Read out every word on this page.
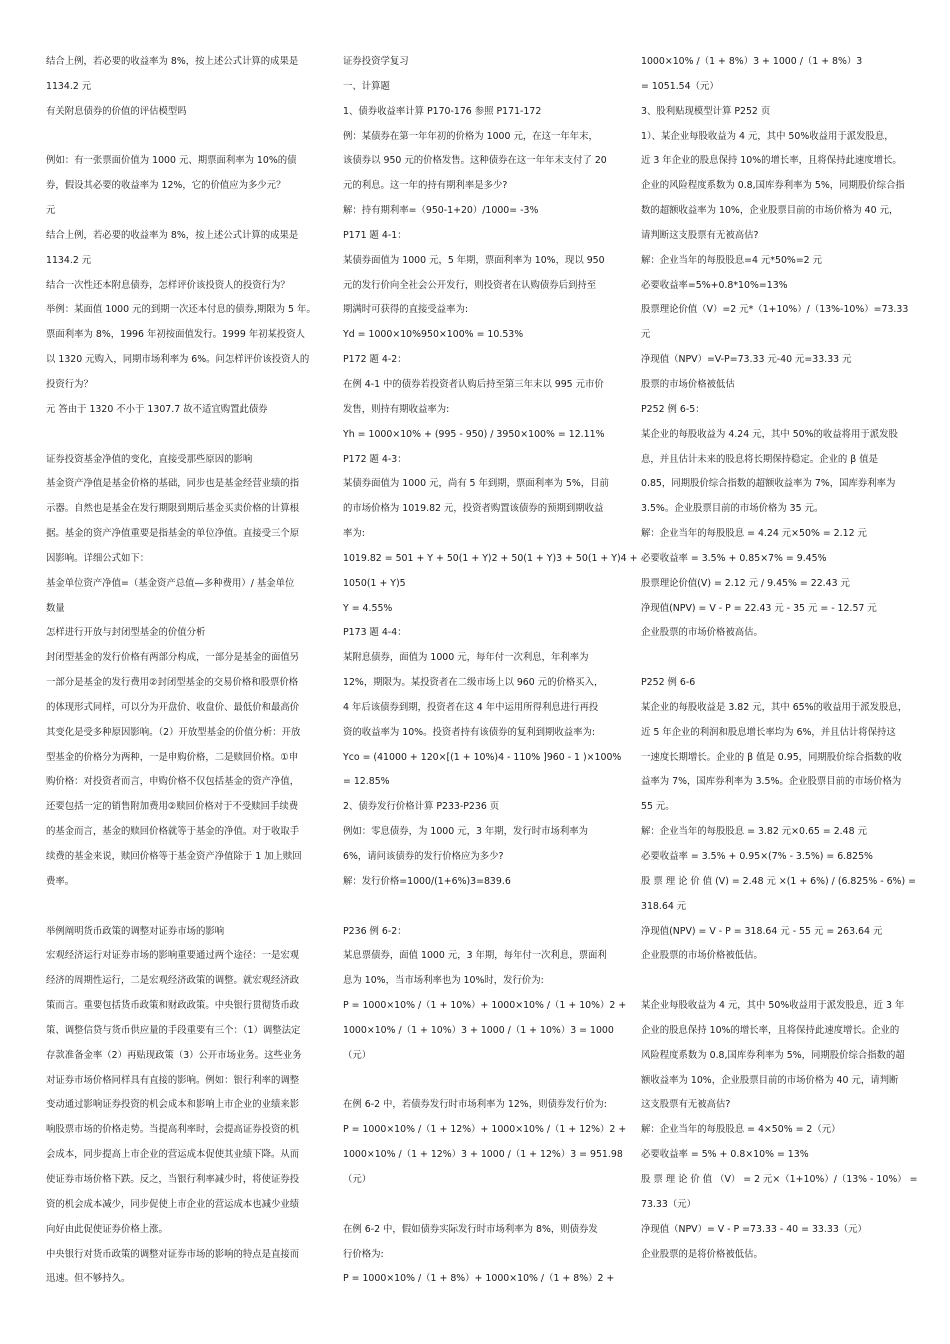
结合上例，若必要的收益率为 8%，按上述公式计算的成果是
1134.2 元
有关附息债券的价值的评估模型吗
例如：有一张票面价值为 1000 元、期票面利率为 10%的债
券，假设其必要的收益率为 12%，它的价值应为多少元？
元
结合上例，若必要的收益率为 8%，按上述公式计算的成果是
1134.2 元
结合一次性还本附息债券，怎样评价该投资人的投资行为？
举例：某面值 1000 元的到期一次还本付息的债券,期限为 5 年。
票面利率为 8%，1996 年初按面值发行。1999 年初某投资人
以 1320 元购入，同期市场利率为 6%。问怎样评价该投资人的
投资行为？
元 答由于 1320 不小于 1307.7 故不适宜购置此债券
证券投资基金净值的变化，直接受那些原因的影响
基金资产净值是基金价格的基础，同步也是基金经营业绩的指
示器。自然也是基金在发行期限到期后基金买卖价格的计算根
据。基金的资产净值重要是指基金的单位净值。直接受三个原
因影响。详细公式如下：
基金单位资产净值=（基金资产总值—多种费用）/ 基金单位
数量
怎样进行开放与封闭型基金的价值分析
封闭型基金的发行价格有两部分构成，一部分是基金的面值另
一部分是基金的发行费用②封闭型基金的交易价格和股票价格
的体现形式同样，可以分为开盘价、收盘价、最低价和最高价
其变化是受多种原因影响。（2）开放型基金的价值分析：开放
型基金的价格分为两种，一是申购价格，二是赎回价格。①申
购价格：对投资者而言，申购价格不仅包括基金的资产净值，
还要包括一定的销售附加费用②赎回价格对于不受赎回手续费
的基金而言，基金的赎回价格就等于基金的净值。对于收取手
续费的基金来说，赎回价格等于基金资产净值除于 1 加上赎回
费率。
举例阐明货币政策的调整对证券市场的影响
宏观经济运行对证券市场的影响重要通过两个途径：一是宏观
经济的周期性运行，二是宏观经济政策的调整。就宏观经济政
策而言。重要包括货币政策和财政政策。中央银行贯彻货币政
策、调整信贷与货币供应量的手段重要有三个：（1）调整法定
存款准备金率（2）再贴现政策（3）公开市场业务。这些业务
对证券市场价格同样具有直接的影响。例如：银行利率的调整
变动通过影响证券投资的机会成本和影响上市企业的业绩来影
响股票市场的价格走势。当提高利率时，会提高证券投资的机
会成本，同步提高上市企业的营运成本促使其业绩下降。从而
使证券市场价格下跌。反之，当银行利率减少时，将使证券投
资的机会成本减少，同步促使上市企业的营运成本也减少业绩
向好由此促使证券价格上涨。
中央银行对货币政策的调整对证券市场的影响的特点是直接而
迅速。但不够持久。
证券投资学复习
一、计算题
1、债券收益率计算 P170-176 参照 P171-172
例：某债券在第一年年初的价格为 1000 元，在这一年年末，
该债券以 950 元的价格发售。这种债券在这一年年末支付了 20
元的利息。这一年的持有期利率是多少?
解：持有期利率=（950-1+20）/1000= -3%
P171 题 4-1：
某债券面值为 1000 元，5 年期，票面利率为 10%，现以 950
元的发行价向全社会公开发行，则投资者在认购债券后到持至
期满时可获得的直接受益率为:
Yd = 1000×10%950×100% = 10.53%
P172 题 4-2：
在例 4-1 中的债券若投资者认购后持至第三年末以 995 元市价
发售，则持有期收益率为:
Yh = 1000×10% + (995 - 950) / 3950×100% = 12.11%
P172 题 4-3：
某债券面值为 1000 元，尚有 5 年到期，票面利率为 5%，目前
的市场价格为 1019.82 元，投资者购置该债券的预期到期收益
率为:
1019.82 = 501 + Y + 50(1 + Y)2 + 50(1 + Y)3 + 50(1 + Y)4 +
1050(1 + Y)5
Y = 4.55%
P173 题 4-4：
某附息债券，面值为 1000 元，每年付一次利息，年利率为
12%，期限为。某投资者在二级市场上以 960 元的价格买入，
4 年后该债券到期，投资者在这 4 年中运用所得利息进行再投
资的收益率为 10%。投资者持有该债券的复利到期收益率为:
Yco = (41000 + 120×[(1 + 10%)4 - 110% ]960 - 1 )×100%
= 12.85%
2、债券发行价格计算 P233-P236 页
例如：零息债券，为 1000 元，3 年期，发行时市场利率为
6%，请问该债券的发行价格应为多少?
解：发行价格=1000/(1+6%)3=839.6
P236 例 6-2：
某息票债券，面值 1000 元，3 年期，每年付一次利息，票面利
息为 10%，当市场利率也为 10%时，发行价为:
P = 1000×10% /（1 + 10%）+ 1000×10% /（1 + 10%）2 +
1000×10% /（1 + 10%）3 + 1000 /（1 + 10%）3 = 1000
（元）
在例 6-2 中，若债券发行时市场利率为 12%，则债券发行价为:
P = 1000×10% /（1 + 12%）+ 1000×10% /（1 + 12%）2 +
1000×10% /（1 + 12%）3 + 1000 /（1 + 12%）3 = 951.98
（元）
在例 6-2 中，假如债券实际发行时市场利率为 8%，则债券发
行价格为:
P = 1000×10% /（1 + 8%）+ 1000×10% /（1 + 8%）2 +
1000×10% /（1 + 8%）3 + 1000 /（1 + 8%）3
= 1051.54（元）
3、股利贴现模型计算 P252 页
1）、某企业每股收益为 4 元，其中 50%收益用于派发股息，
近 3 年企业的股息保持 10%的增长率，且将保持此速度增长。
企业的风险程度系数为 0.8,国库券利率为 5%，同期股价综合指
数的超额收益率为 10%，企业股票目前的市场价格为 40 元，
请判断这支股票有无被高估?
解：企业当年的每股股息=4 元*50%=2 元
必要收益率=5%+0.8*10%=13%
股票理论价值（V）=2 元*（1+10%）/（13%-10%）=73.33
元
净现值（NPV）=V-P=73.33 元-40 元=33.33 元
股票的市场价格被低估
P252 例 6-5：
某企业的每股收益为 4.24 元，其中 50%的收益将用于派发股
息，并且估计未来的股息将长期保持稳定。企业的 β 值是
0.85，同期股价综合指数的超额收益率为 7%，国库券利率为
3.5%。企业股票目前的市场价格为 35 元。
解：企业当年的每股股息 = 4.24 元×50% = 2.12 元
必要收益率 = 3.5% + 0.85×7% = 9.45%
股票理论价值(V) = 2.12 元 / 9.45% = 22.43 元
净现值(NPV) = V - P = 22.43 元 - 35 元 = - 12.57 元
企业股票的市场价格被高估。
P252 例 6-6
某企业的每股收益是 3.82 元，其中 65%的收益用于派发股息，
近 5 年企业的利润和股息增长率均为 6%，并且估计将保持这
一速度长期增长。企业的 β 值是 0.95，同期股价综合指数的收
益率为 7%，国库券利率为 3.5%。企业股票目前的市场价格为
55 元。
解：企业当年的每股股息 = 3.82 元×0.65 = 2.48 元
必要收益率 = 3.5% + 0.95×(7% - 3.5%) = 6.825%
股 票 理 论 价 值 (V) = 2.48 元 ×(1 + 6%) / (6.825% - 6%) =
318.64 元
净现值(NPV) = V - P = 318.64 元 - 55 元 = 263.64 元
企业股票的市场价格被低估。
某企业每股收益为 4 元，其中 50%收益用于派发股息，近 3 年
企业的股息保持 10%的增长率，且将保持此速度增长。企业的
风险程度系数为 0.8,国库券利率为 5%，同期股价综合指数的超
额收益率为 10%，企业股票目前的市场价格为 40 元，请判断
这支股票有无被高估?
解：企业当年的每股股息 = 4×50% = 2（元）
必要收益率 = 5% + 0.8×10% = 13%
股 票 理 论 价 值 （V） = 2 元×（1+10%）/（13% - 10%） =
73.33（元）
净现值（NPV）= V - P =73.33 - 40 = 33.33（元）
企业股票的是将价格被低估。
